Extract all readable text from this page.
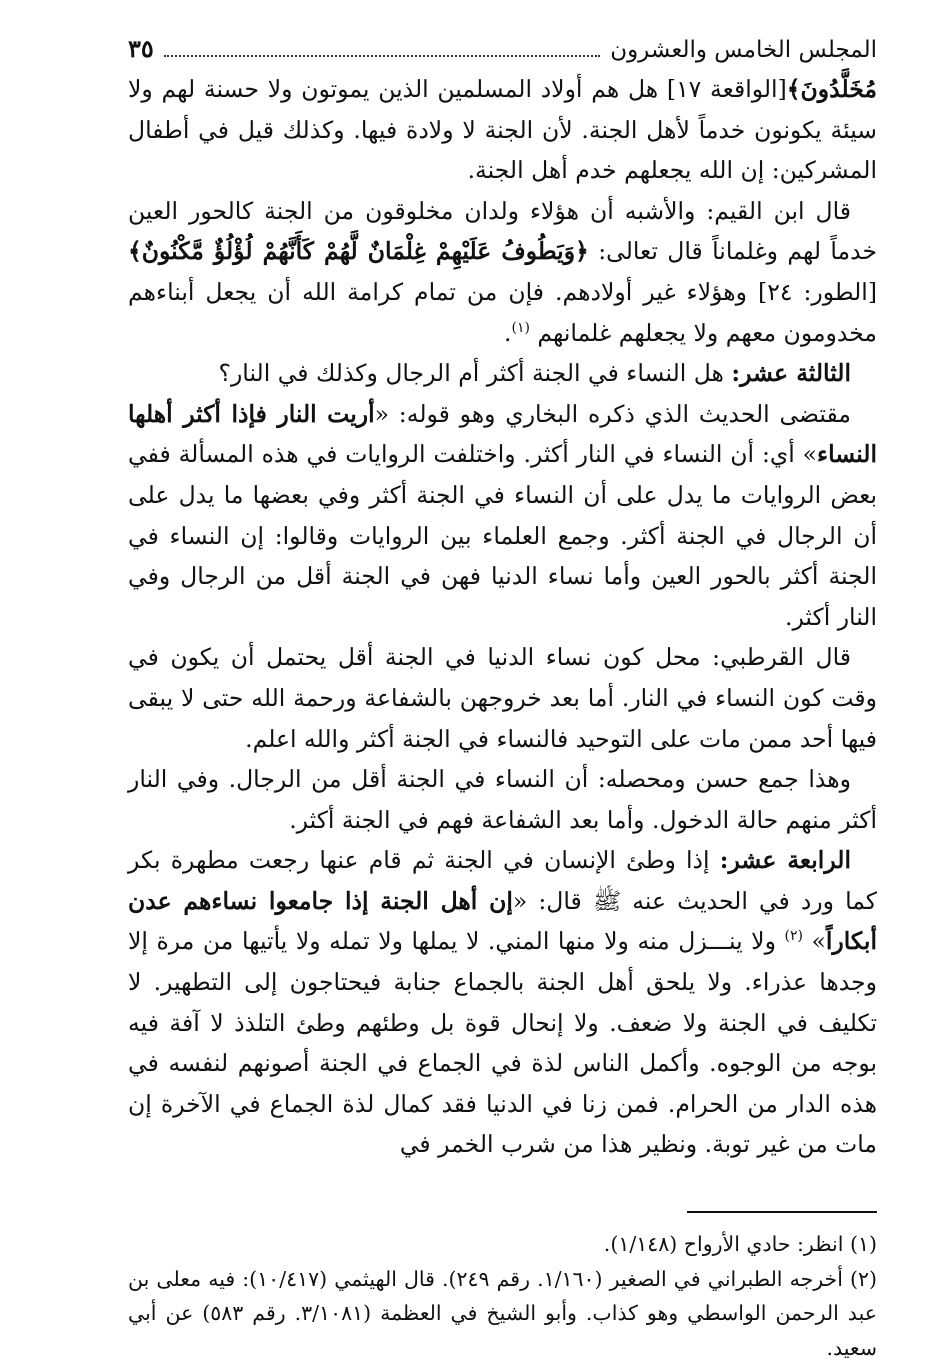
المجلس الخامس والعشرون
٣٥

مُخَلَّدُونَ﴾[الواقعة ١٧] هل هم أولاد المسلمين الذين يموتون ولا حسنة لهم ولا سيئة يكونون خدماً لأهل الجنة. لأن الجنة لا ولادة فيها. وكذلك قيل في أطفال المشركين: إن الله يجعلهم خدم أهل الجنة.

قال ابن القيم: والأشبه أن هؤلاء ولدان مخلوقون من الجنة كالحور العين خدماً لهم وغلماناً قال تعالى: ﴿وَيَطُوفُ عَلَيْهِمْ غِلْمَانٌ لَّهُمْ كَأَنَّهُمْ لُؤْلُؤٌ مَّكْنُونٌ﴾[الطور: ٢٤] وهؤلاء غير أولادهم. فإن من تمام كرامة الله أن يجعل أبناءهم مخدومون معهم ولا يجعلهم غلمانهم $^{(١)}$.

الثالثة عشر: هل النساء في الجنة أكثر أم الرجال وكذلك في النار؟

مقتضى الحديث الذي ذكره البخاري وهو قوله: «أريت النار فإذا أكثر أهلها النساء» أي: أن النساء في النار أكثر. واختلفت الروايات في هذه المسألة ففي بعض الروايات ما يدل على أن النساء في الجنة أكثر وفي بعضها ما يدل على أن الرجال في الجنة أكثر. وجمع العلماء بين الروايات وقالوا: إن النساء في الجنة أكثر بالحور العين وأما نساء الدنيا فهن في الجنة أقل من الرجال وفي النار أكثر.

قال القرطبي: محل كون نساء الدنيا في الجنة أقل يحتمل أن يكون في وقت كون النساء في النار. أما بعد خروجهن بالشفاعة ورحمة الله حتى لا يبقى فيها أحد ممن مات على التوحيد فالنساء في الجنة أكثر والله اعلم.

وهذا جمع حسن ومحصله: أن النساء في الجنة أقل من الرجال. وفي النار أكثر منهم حالة الدخول. وأما بعد الشفاعة فهم في الجنة أكثر.

الرابعة عشر: إذا وطئ الإنسان في الجنة ثم قام عنها رجعت مطهرة بكر كما ورد في الحديث عنه ﷺ قال: «إن أهل الجنة إذا جامعوا نساءهم عدن أبكاراً» $^{(٢)}$ ولا ينـــزل منه ولا منها المني. لا يملها ولا تمله ولا يأتيها من مرة إلا وجدها عذراء. ولا يلحق أهل الجنة بالجماع جنابة فيحتاجون إلى التطهير. لا تكليف في الجنة ولا ضعف. ولا إنحال قوة بل وطئهم وطئ التلذذ لا آفة فيه بوجه من الوجوه. وأكمل الناس لذة في الجماع في الجنة أصونهم لنفسه في هذه الدار من الحرام. فمن زنا في الدنيا فقد كمال لذة الجماع في الآخرة إن مات من غير توبة. ونظير هذا من شرب الخمر في

(١) انظر: حادي الأرواح (١/١٤٨).

(٢) أخرجه الطبراني في الصغير (١/١٦٠. رقم ٢٤٩). قال الهيثمي (١٠/٤١٧): فيه معلى بن عبد الرحمن الواسطي وهو كذاب. وأبو الشيخ في العظمة (٣/١٠٨١. رقم ٥٨٣) عن أبي سعيد.
